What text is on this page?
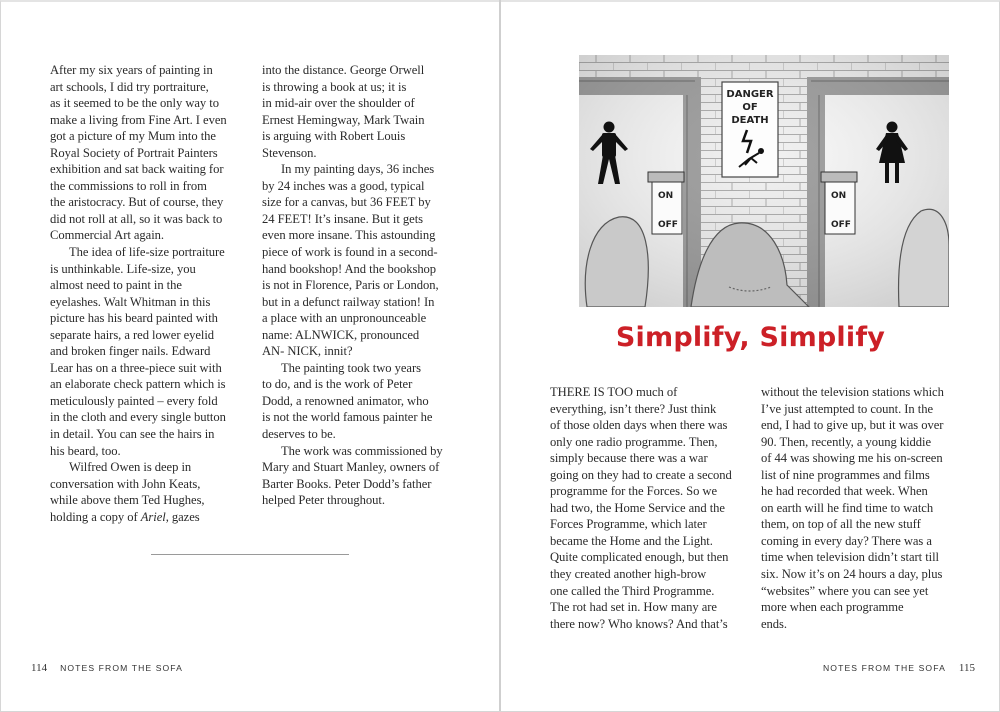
After my six years of painting in
art schools, I did try portraiture,
as it seemed to be the only way to
make a living from Fine Art. I even
got a picture of my Mum into the
Royal Society of Portrait Painters
exhibition and sat back waiting for
the commissions to roll in from
the aristocracy. But of course, they
did not roll at all, so it was back to
Commercial Art again.
The idea of life-size portraiture
is unthinkable. Life-size, you
almost need to paint in the
eyelashes. Walt Whitman in this
picture has his beard painted with
separate hairs, a red lower eyelid
and broken finger nails. Edward
Lear has on a three-piece suit with
an elaborate check pattern which is
meticulously painted – every fold
in the cloth and every single button
in detail. You can see the hairs in
his beard, too.
Wilfred Owen is deep in
conversation with John Keats,
while above them Ted Hughes,
holding a copy of Ariel, gazes
into the distance. George Orwell
is throwing a book at us; it is
in mid-air over the shoulder of
Ernest Hemingway, Mark Twain
is arguing with Robert Louis
Stevenson.
In my painting days, 36 inches
by 24 inches was a good, typical
size for a canvas, but 36 FEET by
24 FEET! It’s insane. But it gets
even more insane. This astounding
piece of work is found in a second-
hand bookshop! And the bookshop
is not in Florence, Paris or London,
but in a defunct railway station! In
a place with an unpronounceable
name: ALNWICK, pronounced
AN- NICK, innit?
The painting took two years
to do, and is the work of Peter
Dodd, a renowned animator, who
is not the world famous painter he
deserves to be.
The work was commissioned by
Mary and Stuart Manley, owners of
Barter Books. Peter Dodd’s father
helped Peter throughout.
114 NOTES FROM THE SOFA
DANGER
OF
DEATH
ON
OFF
ON
OFF
Simplify, Simplify
THERE IS TOO much of
everything, isn’t there? Just think
of those olden days when there was
only one radio programme. Then,
simply because there was a war
going on they had to create a second
programme for the Forces. So we
had two, the Home Service and the
Forces Programme, which later
became the Home and the Light.
Quite complicated enough, but then
they created another high-brow
one called the Third Programme.
The rot had set in. How many are
there now? Who knows? And that’s
without the television stations which
I’ve just attempted to count. In the
end, I had to give up, but it was over
90. Then, recently, a young kiddie
of 44 was showing me his on-screen
list of nine programmes and films
he had recorded that week. When
on earth will he find time to watch
them, on top of all the new stuff
coming in every day? There was a
time when television didn’t start till
six. Now it’s on 24 hours a day, plus
“websites” where you can see yet
more when each programme
ends.
NOTES FROM THE SOFA 115
